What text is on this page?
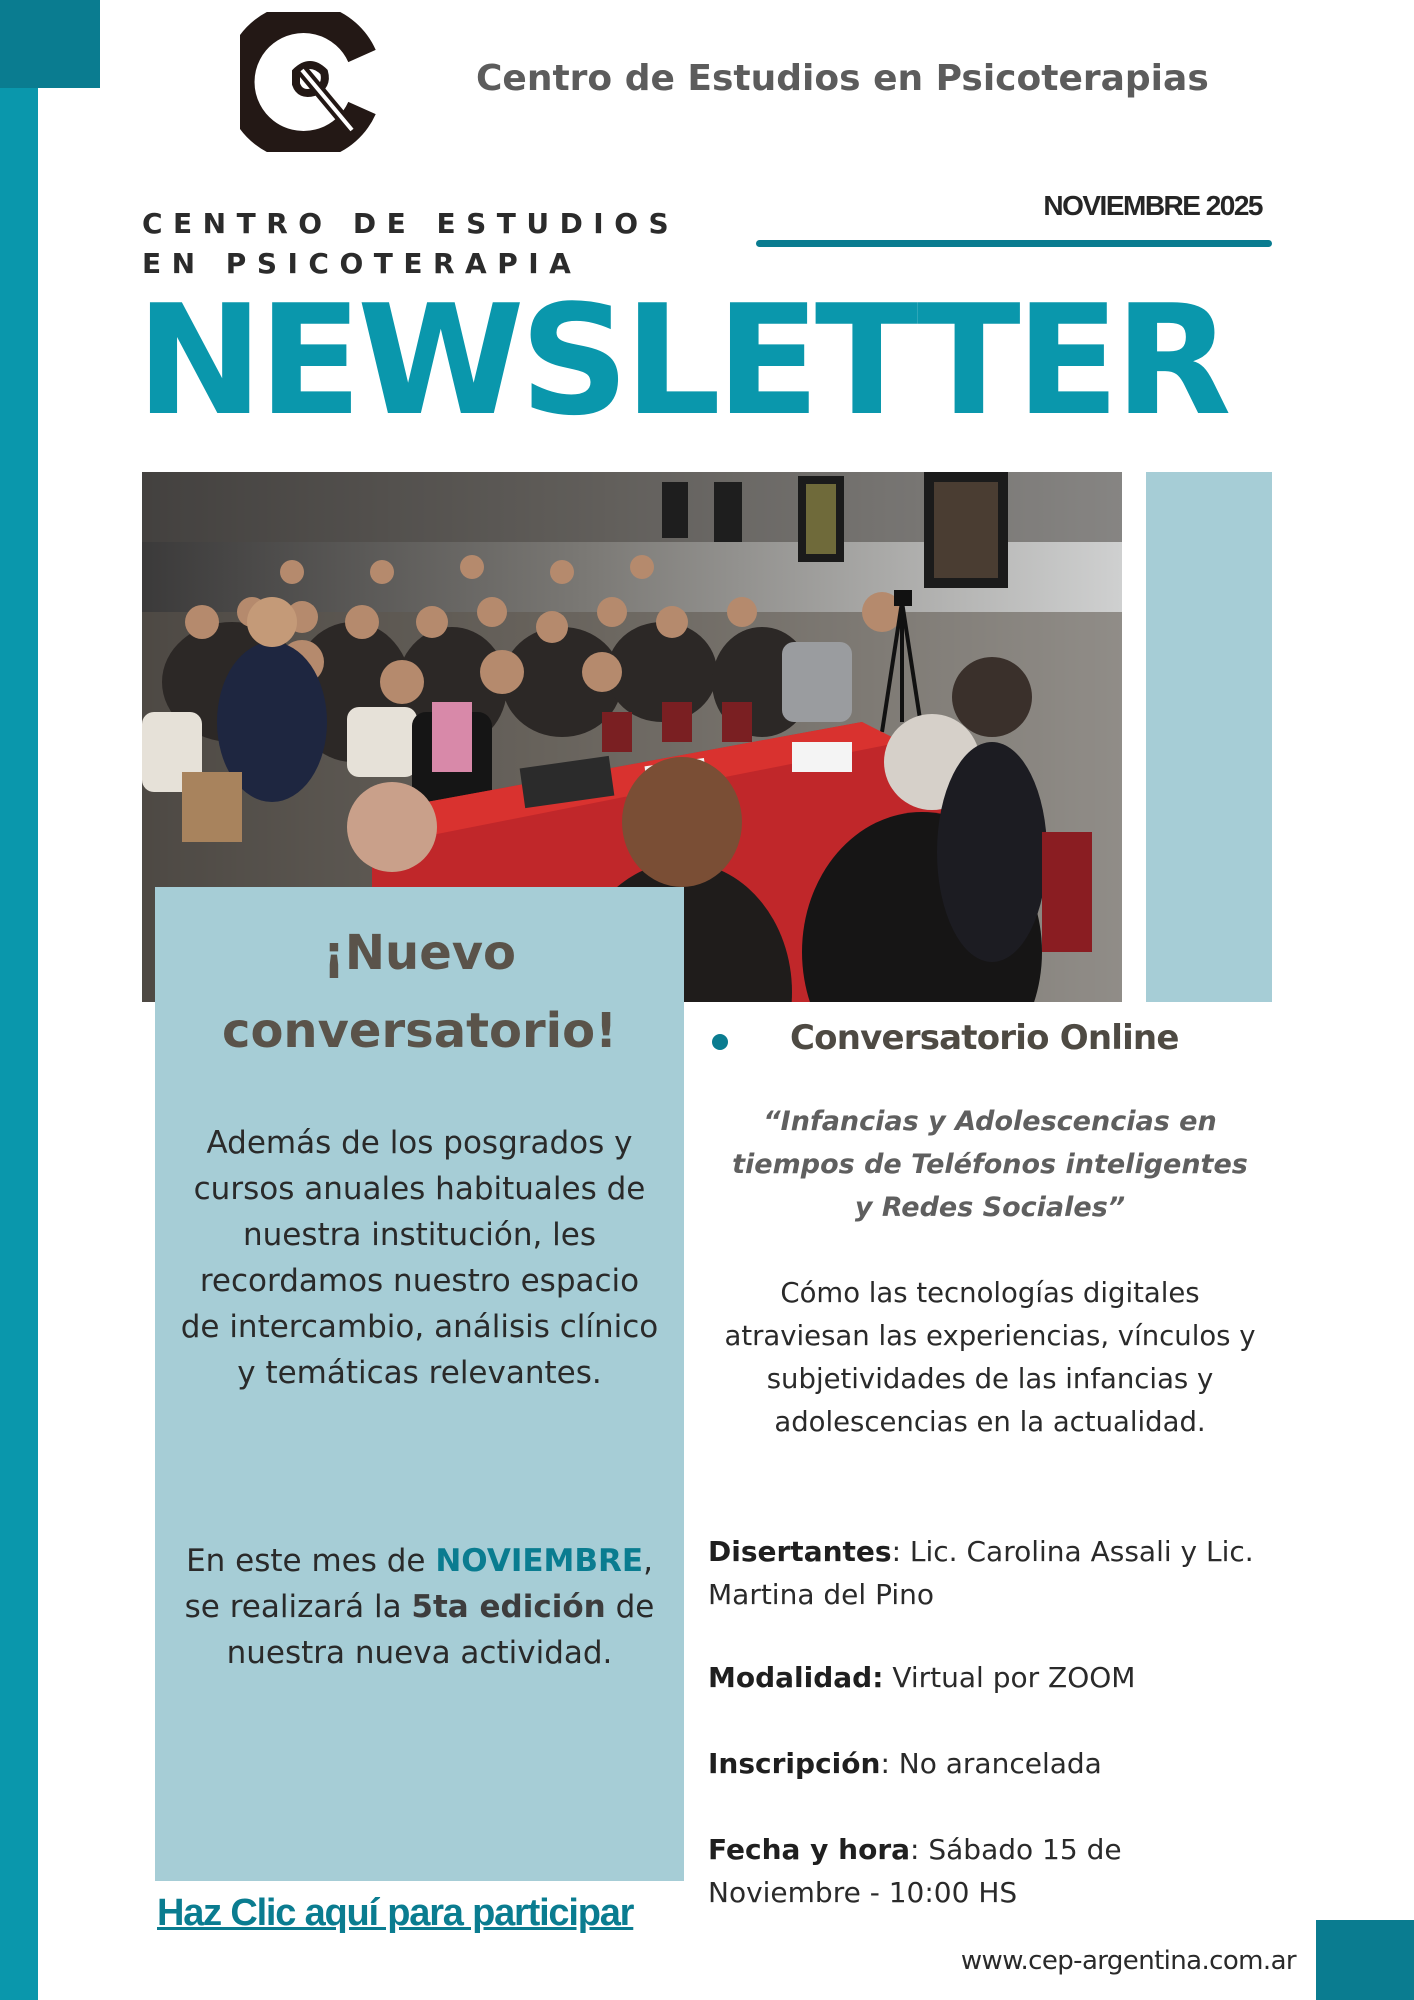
Centro de Estudios en Psicoterapias
CENTRO DE ESTUDIOS
EN PSICOTERAPIA
NOVIEMBRE 2025
NEWSLETTER
¡Nuevo conversatorio!
Además de los posgrados y cursos anuales habituales de nuestra institución, les recordamos nuestro espacio de intercambio, análisis clínico y temáticas relevantes.
En este mes de NOVIEMBRE, se realizará la 5ta edición de nuestra nueva actividad.
Haz Clic aquí para participar
Conversatorio Online
“Infancias y Adolescencias en tiempos de Teléfonos inteligentes y Redes Sociales”
Cómo las tecnologías digitales atraviesan las experiencias, vínculos y subjetividades de las infancias y adolescencias en la actualidad.
Disertantes: Lic. Carolina Assali y Lic. Martina del Pino
Modalidad: Virtual por ZOOM
Inscripción: No arancelada
Fecha y hora: Sábado 15 de Noviembre - 10:00 HS
www.cep-argentina.com.ar
